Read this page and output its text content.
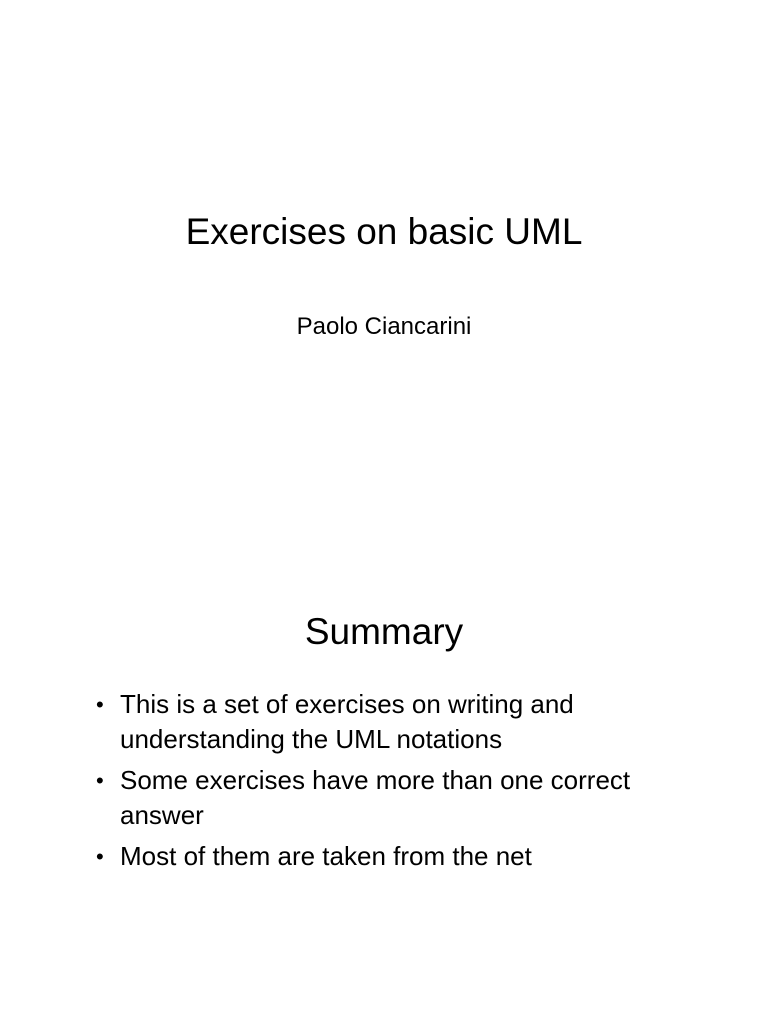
Exercises on basic UML
Paolo Ciancarini
Summary
• This is a set of exercises on writing and understanding the UML notations
• Some exercises have more than one correct answer
• Most of them are taken from the net
